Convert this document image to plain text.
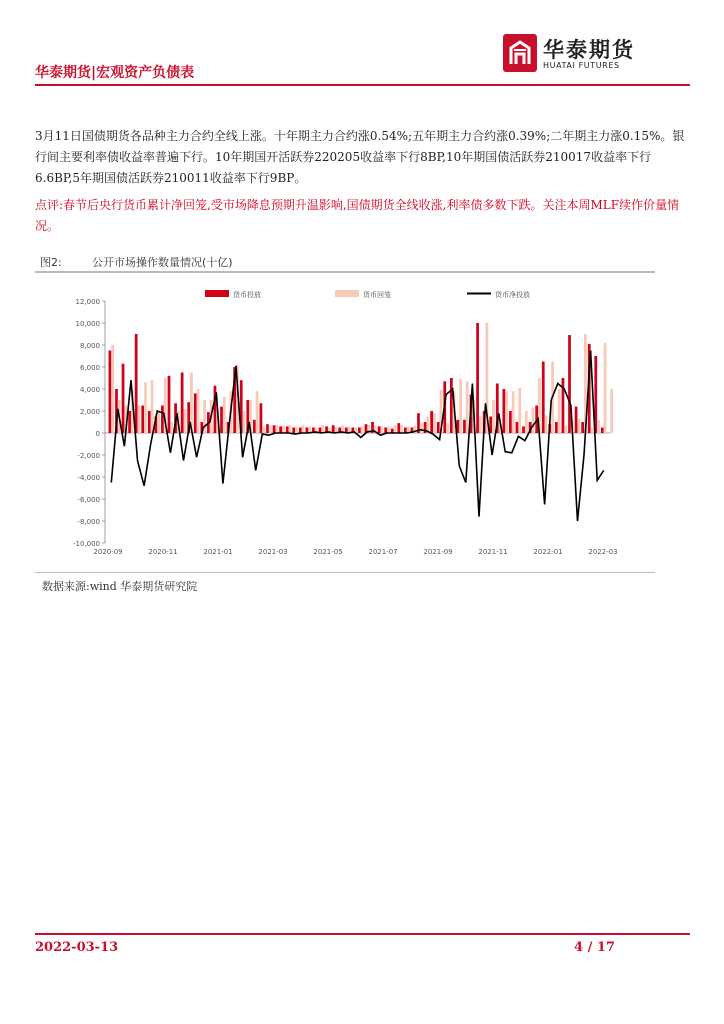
华泰期货|宏观资产负债表
华泰期货
HUATAI FUTURES
3月11日国债期货各品种主力合约全线上涨。十年期主力合约涨0.54%;五年期主力合约涨0.39%;二年期主力涨0.15%。银行间主要利率债收益率普遍下行。10年期国开活跃券220205收益率下行8BP,10年期国债活跃券210017收益率下行6.6BP,5年期国债活跃券210011收益率下行9BP。
点评:春节后央行货币累计净回笼,受市场降息预期升温影响,国债期货全线收涨,利率债多数下跌。关注本周MLF续作价量情况。
图2:	公开市场操作数量情况(十亿)
-10,000
-8,000
-6,000
-4,000
-2,000
0
2,000
4,000
6,000
8,000
10,000
12,000
2020-09	2020-11	2021-01	2021-03	2021-05	2021-07	2021-09	2021-11	2022-01	2022-03
货币投放	货币回笼	货币净投放
数据来源:wind 华泰期货研究院
2022-03-13	4 / 17
